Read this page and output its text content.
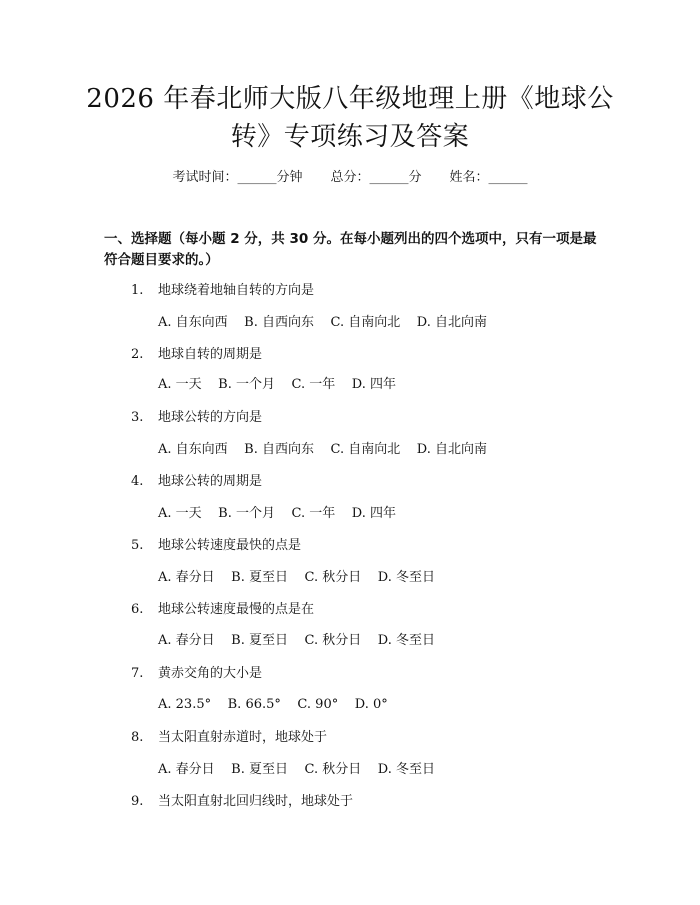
2026 年春北师大版八年级地理上册《地球公
转》专项练习及答案
考试时间：______分钟 总分：______分 姓名：______
一、选择题（每小题 2 分，共 30 分。在每小题列出的四个选项中，只有一项是最
符合题目要求的。）
1. 地球绕着地轴自转的方向是
A. 自东向西    B. 自西向东    C. 自南向北    D. 自北向南
2. 地球自转的周期是
A. 一天    B. 一个月    C. 一年    D. 四年
3. 地球公转的方向是
A. 自东向西    B. 自西向东    C. 自南向北    D. 自北向南
4. 地球公转的周期是
A. 一天    B. 一个月    C. 一年    D. 四年
5. 地球公转速度最快的点是
A. 春分日    B. 夏至日    C. 秋分日    D. 冬至日
6. 地球公转速度最慢的点是在
A. 春分日    B. 夏至日    C. 秋分日    D. 冬至日
7. 黄赤交角的大小是
A. 23.5°    B. 66.5°    C. 90°    D. 0°
8. 当太阳直射赤道时，地球处于
A. 春分日    B. 夏至日    C. 秋分日    D. 冬至日
9. 当太阳直射北回归线时，地球处于
